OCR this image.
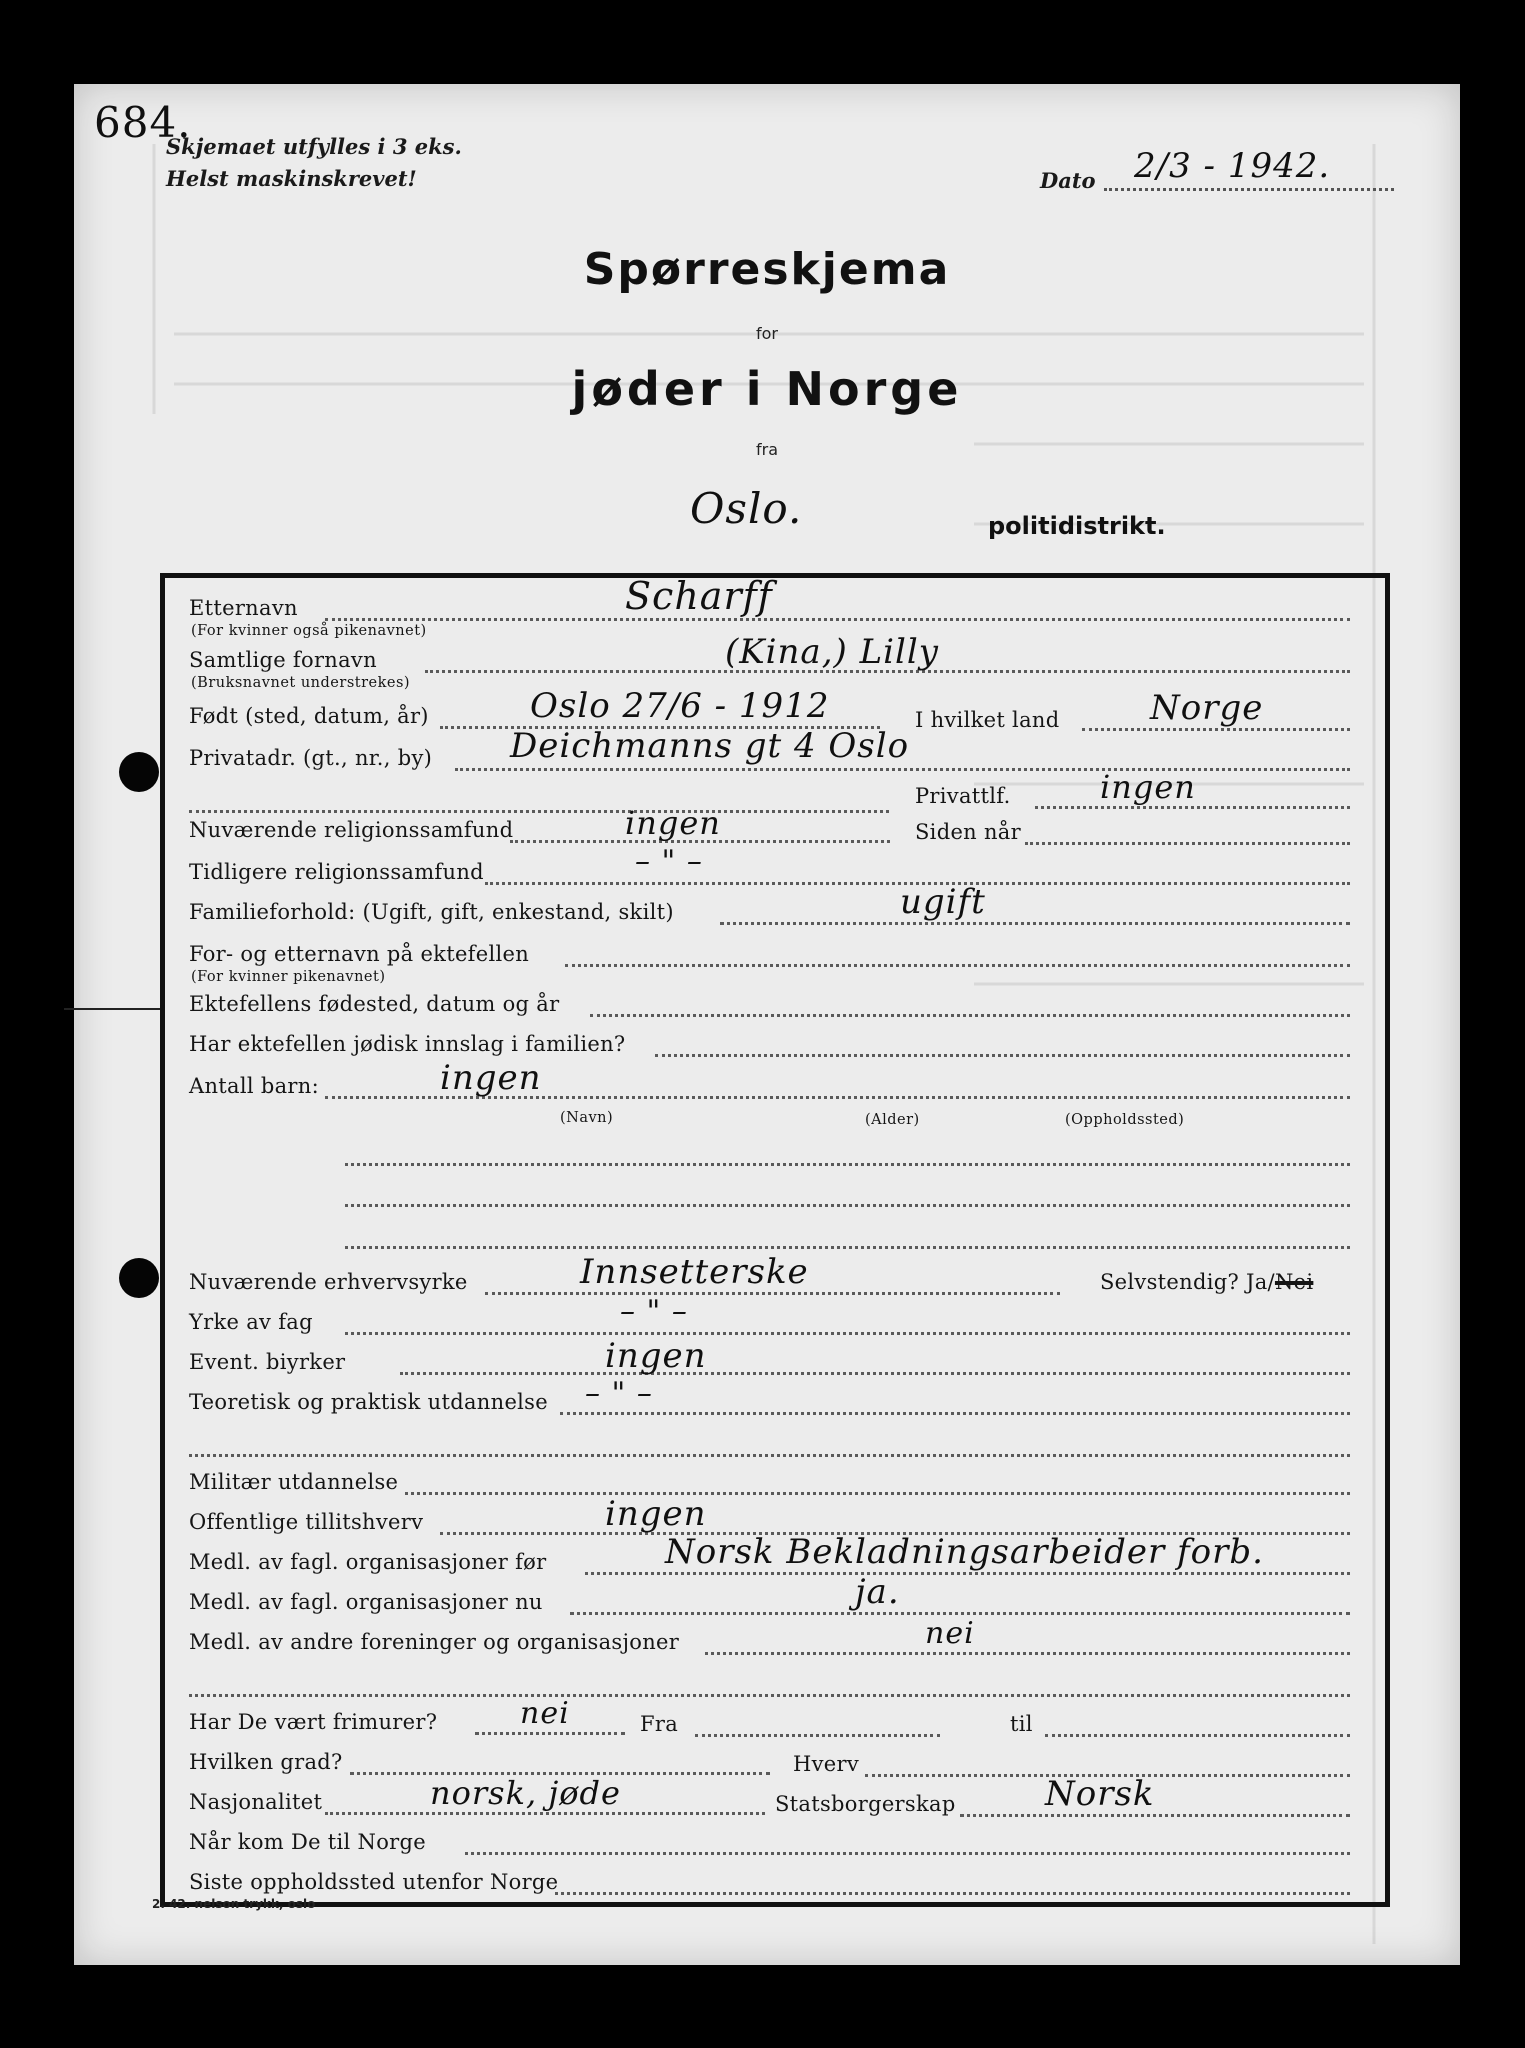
684.
Skjemaet utfylles i 3 eks.
Helst maskinskrevet!	Dato 2/3 - 1942.
Spørreskjema
for
jøder i Norge
fra
Oslo.	politidistrikt.
Etternavn
(For kvinner også pikenavnet)
Scharff
Samtlige fornavn
(Bruksnavnet understrekes)
(Kina,) Lilly
Født (sted, datum, år)	Oslo 27/6 - 1912	I hvilket land	Norge
Privatadr. (gt., nr., by) Deichmanns gt 4 Oslo
Privattlf.	ingen
Nuværende religionssamfund	ingen	Siden når
Tidligere religionssamfund	– " –
Familieforhold: (Ugift, gift, enkestand, skilt)	ugift
For- og etternavn på ektefellen
(For kvinner pikenavnet)
Ektefellens fødested, datum og år
Har ektefellen jødisk innslag i familien?
Antall barn:	ingen
(Navn)	(Alder)	(Oppholdssted)
Nuværende erhvervsyrke	Innsetterske	Selvstendig? Ja/Nei
Yrke av fag	– " –
Event. biyrker	ingen
Teoretisk og praktisk utdannelse – " –
Militær utdannelse
Offentlige tillitshverv	ingen
Medl. av fagl. organisasjoner før	Norsk Bekladningsarbeider forb.
Medl. av fagl. organisasjoner nu	ja.
Medl. av andre foreninger og organisasjoner	nei
Har De vært frimurer?	nei	Fra	til
Hvilken grad?	Hverv
Nasjonalitet	norsk, jøde	Statsborgerskap	Norsk
Når kom De til Norge
Siste oppholdssted utenfor Norge
2. 42. nelson trykk, oslo
